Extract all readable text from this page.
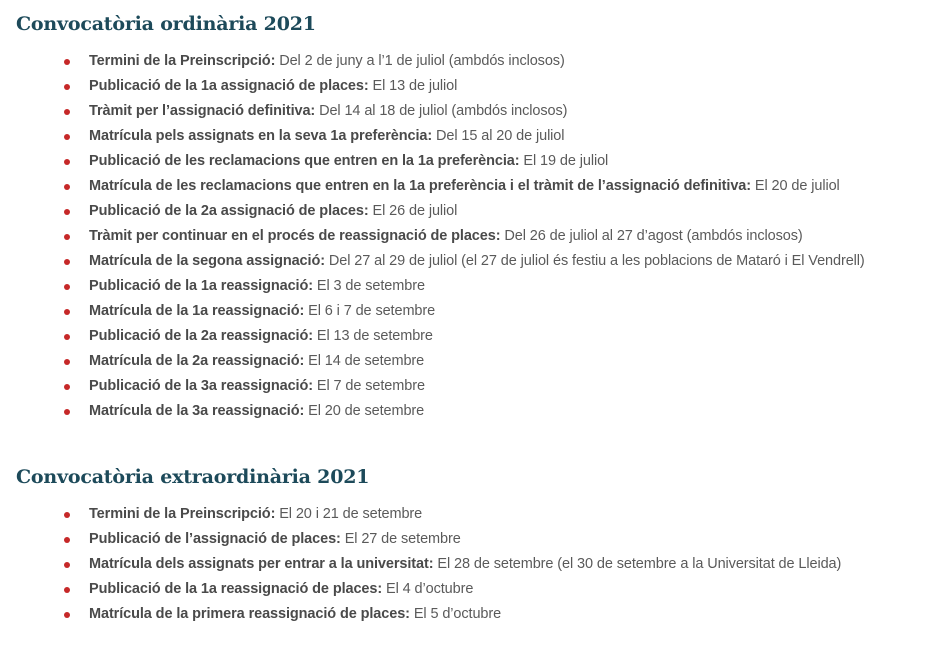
Convocatòria ordinària 2021
Termini de la Preinscripció: Del 2 de juny a l’1 de juliol (ambdós inclosos)
Publicació de la 1a assignació de places: El 13 de juliol
Tràmit per l’assignació definitiva: Del 14 al 18 de juliol (ambdós inclosos)
Matrícula pels assignats en la seva 1a preferència: Del 15 al 20 de juliol
Publicació de les reclamacions que entren en la 1a preferència: El 19 de juliol
Matrícula de les reclamacions que entren en la 1a preferència i el tràmit de l’assignació definitiva: El 20 de juliol
Publicació de la 2a assignació de places: El 26 de juliol
Tràmit per continuar en el procés de reassignació de places: Del 26 de juliol al 27 d’agost (ambdós inclosos)
Matrícula de la segona assignació: Del 27 al 29 de juliol (el 27 de juliol és festiu a les poblacions de Mataró i El Vendrell)
Publicació de la 1a reassignació: El 3 de setembre
Matrícula de la 1a reassignació: El 6 i 7 de setembre
Publicació de la 2a reassignació: El 13 de setembre
Matrícula de la 2a reassignació: El 14 de setembre
Publicació de la 3a reassignació: El 7 de setembre
Matrícula de la 3a reassignació: El 20 de setembre
Convocatòria extraordinària 2021
Termini de la Preinscripció: El 20 i 21 de setembre
Publicació de l’assignació de places: El 27 de setembre
Matrícula dels assignats per entrar a la universitat: El 28 de setembre (el 30 de setembre a la Universitat de Lleida)
Publicació de la 1a reassignació de places: El 4 d’octubre
Matrícula de la primera reassignació de places: El 5 d’octubre
